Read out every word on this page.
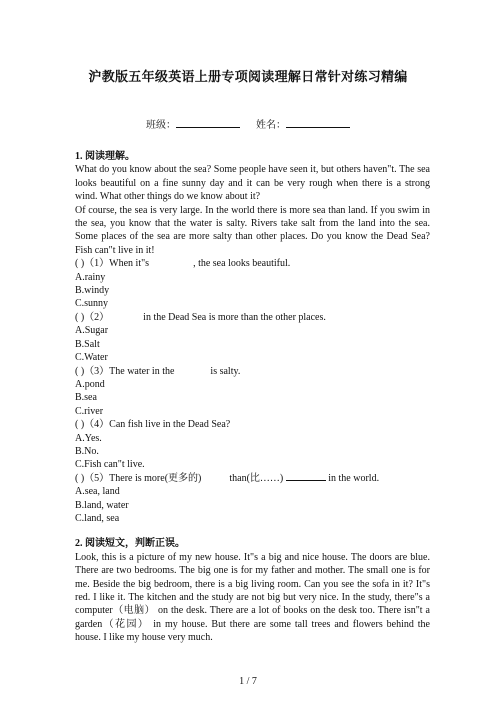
沪教版五年级英语上册专项阅读理解日常针对练习精编
班级：	姓名：

1. 阅读理解。

What do you know about the sea? Some people have seen it, but others haven"t. The sea looks beautiful on a fine sunny day and it can be very rough when there is a strong wind. What other things do we know about it?

Of course, the sea is very large. In the world there is more sea than land. If you swim in the sea, you know that the water is salty. Rivers take salt from the land into the sea. Some places of the sea are more salty than other places. Do you know the Dead Sea? Fish can"t live in it!

( )（1）When it"s	, the sea looks beautiful.

A.rainy

B.windy

C.sunny

( )（2）	in the Dead Sea is more than the other places.

A.Sugar

B.Salt

C.Water

( )（3）The water in the	is salty.

A.pond

B.sea

C.river

( )（4）Can fish live in the Dead Sea?

A.Yes.

B.No.

C.Fish can"t live.

( )（5）There is more(更多的)	than(比……)	in the world.

A.sea, land

B.land, water

C.land, sea

2. 阅读短文，判断正误。

Look, this is a picture of my new house. It"s a big and nice house. The doors are blue. There are two bedrooms. The big one is for my father and mother. The small one is for me. Beside the big bedroom, there is a big living room. Can you see the sofa in it? It"s red. I like it. The kitchen and the study are not big but very nice. In the study, there"s a computer（电脑） on the desk. There are a lot of books on the desk too. There isn"t a garden（花园） in my house. But there are some tall trees and flowers behind the house. I like my house very much.

1 / 7
